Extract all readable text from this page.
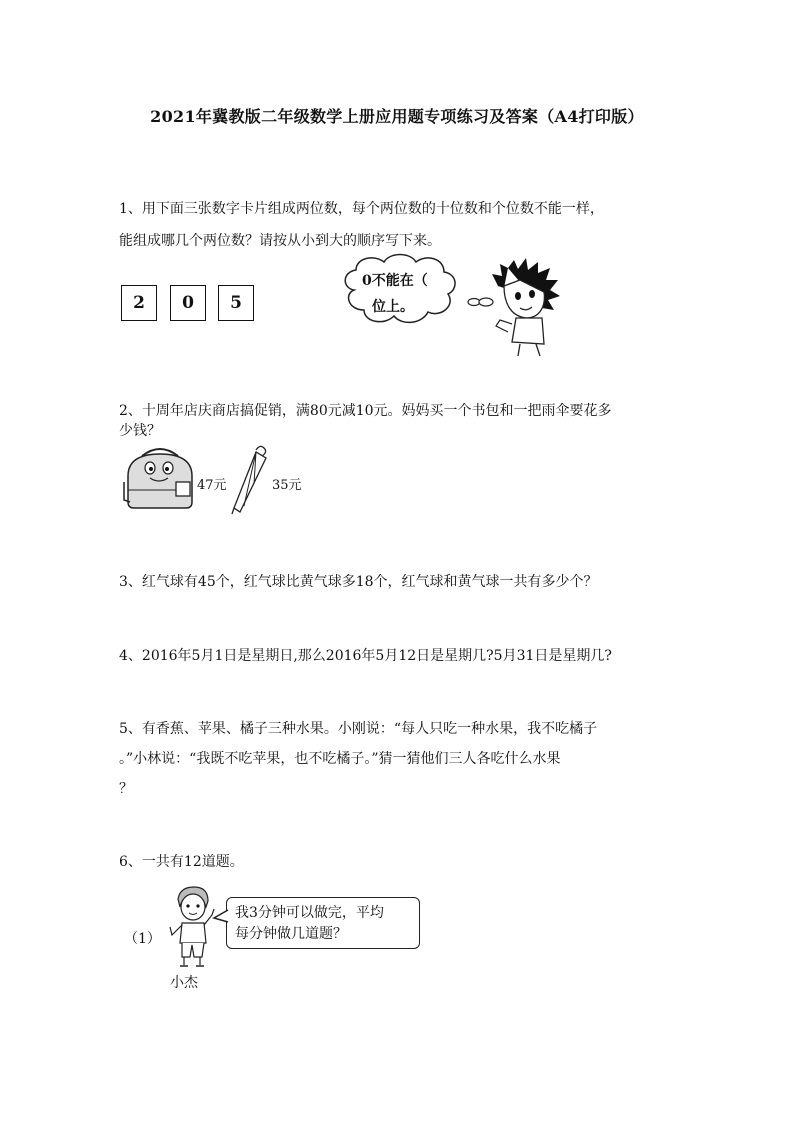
2021年冀教版二年级数学上册应用题专项练习及答案（A4打印版）
1、用下面三张数字卡片组成两位数，每个两位数的十位数和个位数不能一样，
能组成哪几个两位数？请按从小到大的顺序写下来。
2	0	5
0不能在（
位上。
2、十周年店庆商店搞促销，满80元减10元。妈妈买一个书包和一把雨伞要花多
少钱？
47元	35元
3、红气球有45个，红气球比黄气球多18个，红气球和黄气球一共有多少个？
4、2016年5月1日是星期日,那么2016年5月12日是星期几?5月31日是星期几?
5、有香蕉、苹果、橘子三种水果。小刚说：“每人只吃一种水果，我不吃橘子
。”小林说：“我既不吃苹果，也不吃橘子。”猜一猜他们三人各吃什么水果
？
6、一共有12道题。
（1）
小杰
我3分钟可以做完，平均
每分钟做几道题？
